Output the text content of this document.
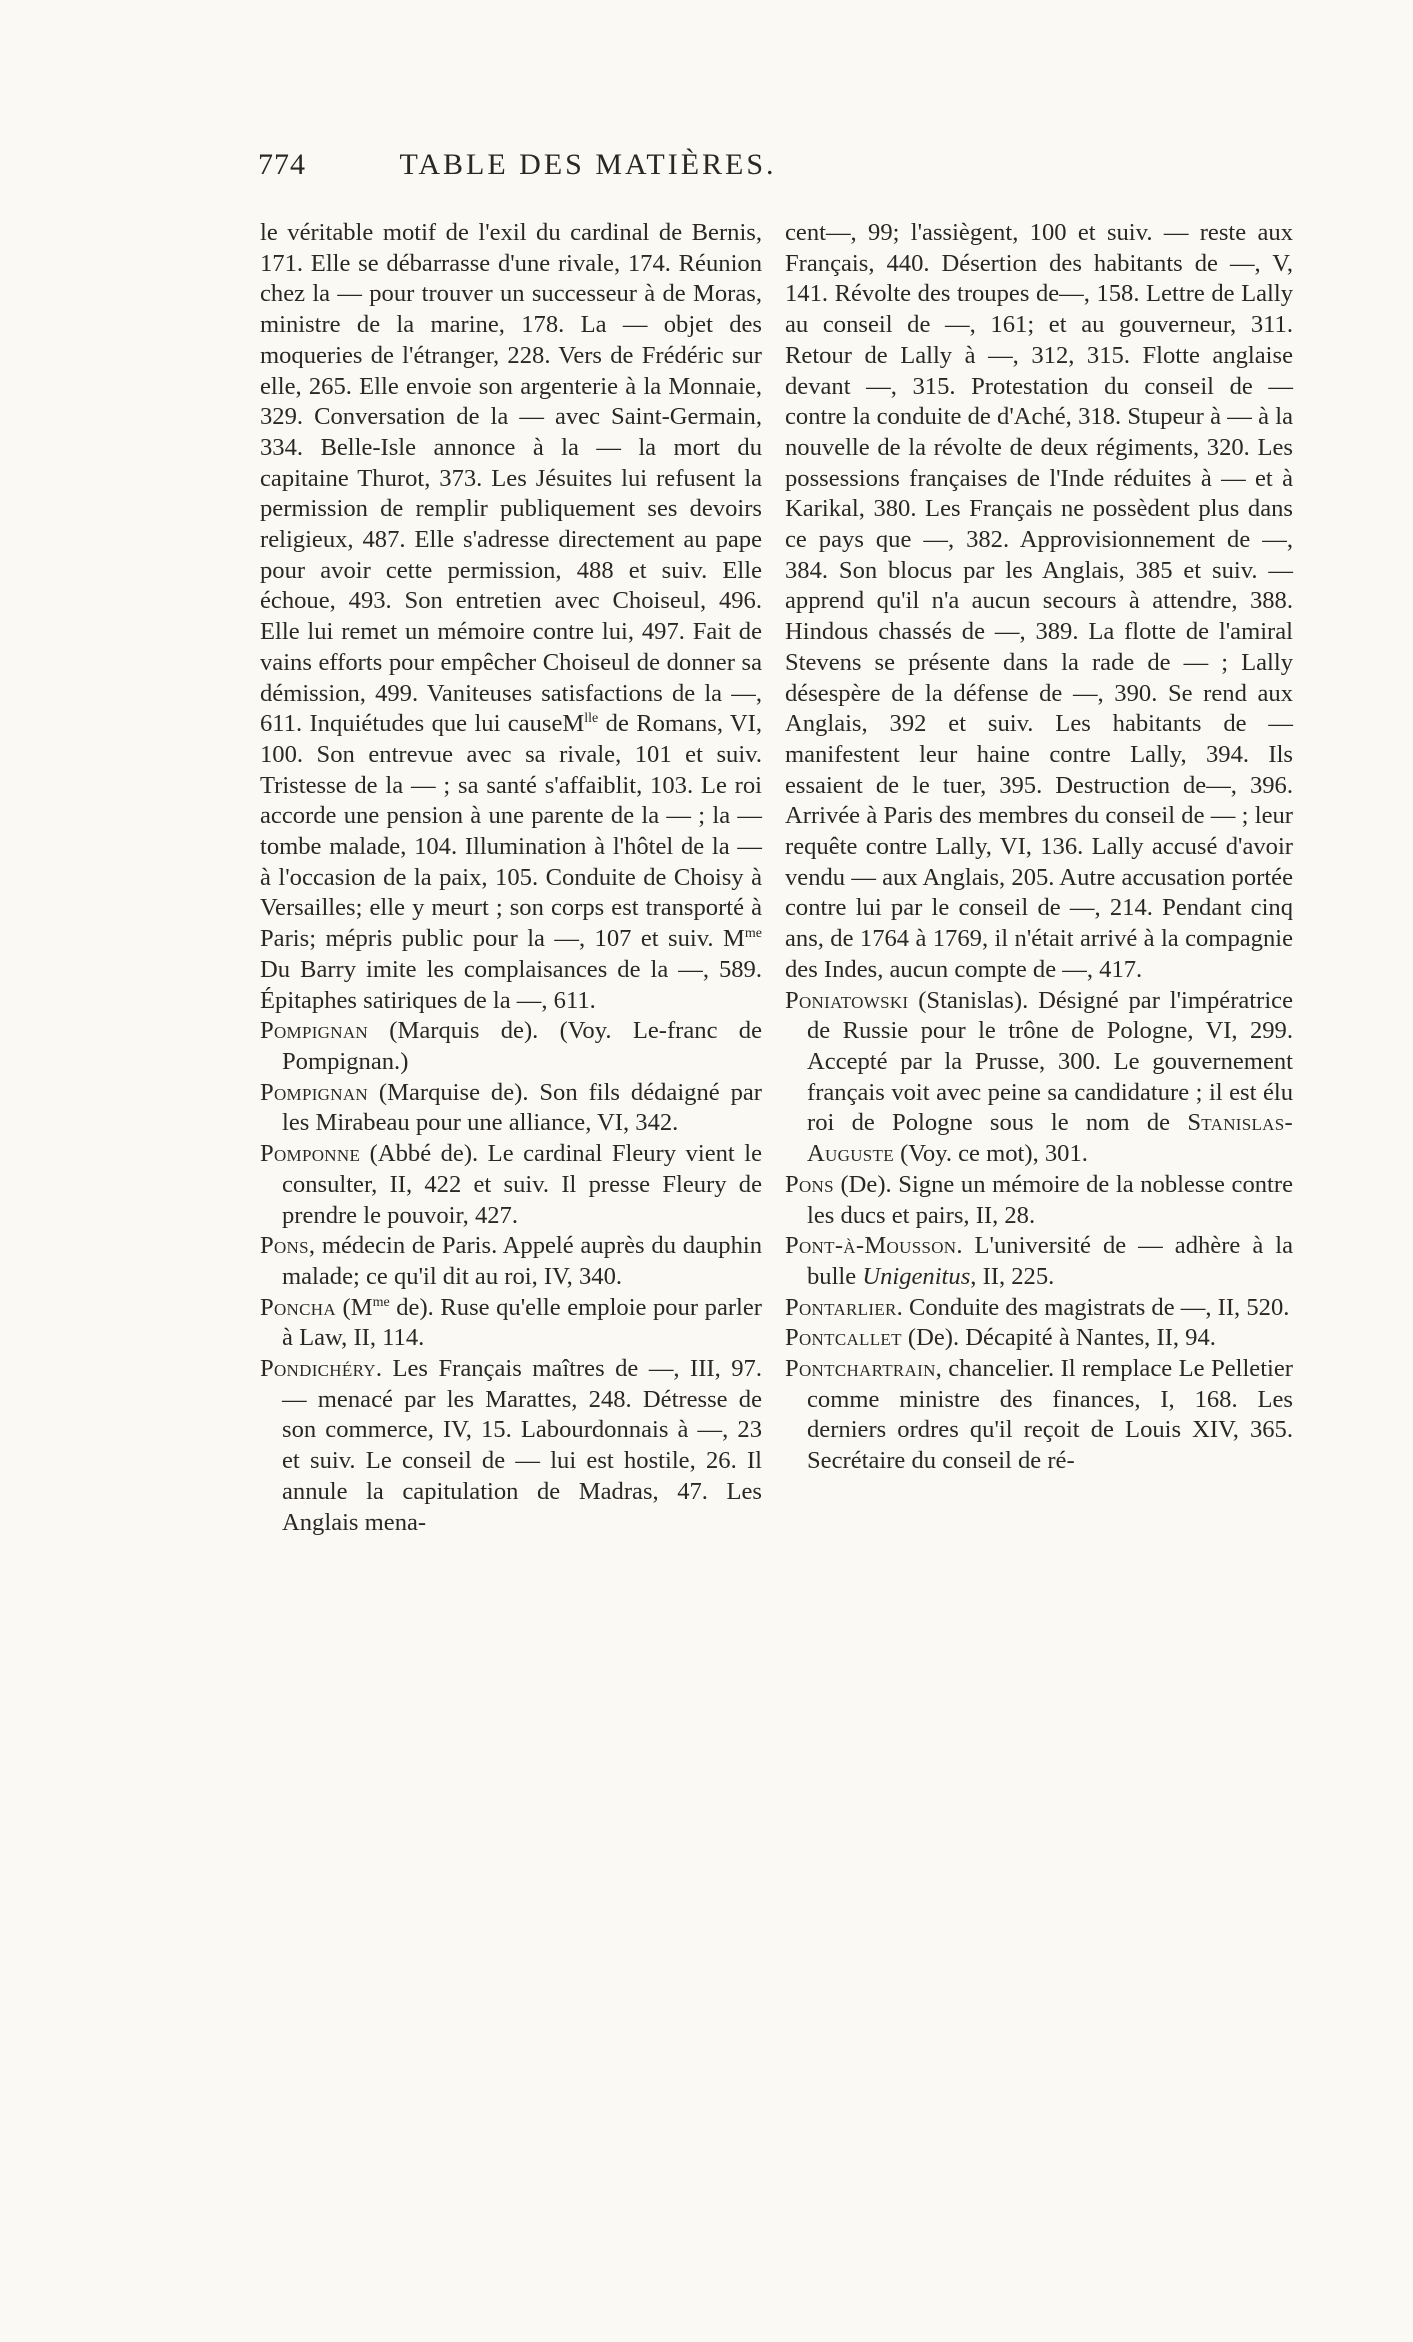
774	TABLE DES MATIÈRES.

le véritable motif de l'exil du cardinal de Bernis, 171. Elle se débarrasse d'une rivale, 174. Réunion chez la — pour trouver un successeur à de Moras, ministre de la marine, 178. La — objet des moqueries de l'étranger, 228. Vers de Frédéric sur elle, 265. Elle envoie son argenterie à la Monnaie, 329. Conversation de la — avec Saint-Germain, 334. Belle-Isle annonce à la — la mort du capitaine Thurot, 373. Les Jésuites lui refusent la permission de remplir publiquement ses devoirs religieux, 487. Elle s'adresse directement au pape pour avoir cette permission, 488 et suiv. Elle échoue, 493. Son entretien avec Choiseul, 496. Elle lui remet un mémoire contre lui, 497. Fait de vains efforts pour empêcher Choiseul de donner sa démission, 499. Vaniteuses satisfactions de la —, 611. Inquiétudes que lui causeM$^{lle}$ de Romans, VI, 100. Son entrevue avec sa rivale, 101 et suiv. Tristesse de la — ; sa santé s'affaiblit, 103. Le roi accorde une pension à une parente de la — ; la — tombe malade, 104. Illumination à l'hôtel de la — à l'occasion de la paix, 105. Conduite de Choisy à Versailles; elle y meurt ; son corps est transporté à Paris; mépris public pour la —, 107 et suiv. $M^{me}$ Du Barry imite les complaisances de la —, 589. Épitaphes satiriques de la —, 611.

Pompignan (Marquis de). (Voy. Le-franc de Pompignan.)

Pompignan (Marquise de). Son fils dédaigné par les Mirabeau pour une alliance, VI, 342.

Pomponne (Abbé de). Le cardinal Fleury vient le consulter, II, 422 et suiv. Il presse Fleury de prendre le pouvoir, 427.

Pons, médecin de Paris. Appelé auprès du dauphin malade; ce qu'il dit au roi, IV, 340.

Poncha ($M^{me}$ de). Ruse qu'elle emploie pour parler à Law, II, 114.

Pondichéry. Les Français maîtres de —, III, 97. — menacé par les Marattes, 248. Détresse de son commerce, IV, 15. Labourdonnais à —, 23 et suiv. Le conseil de — lui est hostile, 26. Il annule la capitulation de Madras, 47. Les Anglais mena-

cent—, 99; l'assiègent, 100 et suiv. — reste aux Français, 440. Désertion des habitants de —, V, 141. Révolte des troupes de—, 158. Lettre de Lally au conseil de —, 161; et au gouverneur, 311. Retour de Lally à —, 312, 315. Flotte anglaise devant —, 315. Protestation du conseil de — contre la conduite de d'Aché, 318. Stupeur à — à la nouvelle de la révolte de deux régiments, 320. Les possessions françaises de l'Inde réduites à — et à Karikal, 380. Les Français ne possèdent plus dans ce pays que —, 382. Approvisionnement de —, 384. Son blocus par les Anglais, 385 et suiv. — apprend qu'il n'a aucun secours à attendre, 388. Hindous chassés de —, 389. La flotte de l'amiral Stevens se présente dans la rade de — ; Lally désespère de la défense de —, 390. Se rend aux Anglais, 392 et suiv. Les habitants de — manifestent leur haine contre Lally, 394. Ils essaient de le tuer, 395. Destruction de—, 396. Arrivée à Paris des membres du conseil de — ; leur requête contre Lally, VI, 136. Lally accusé d'avoir vendu — aux Anglais, 205. Autre accusation portée contre lui par le conseil de —, 214. Pendant cinq ans, de 1764 à 1769, il n'était arrivé à la compagnie des Indes, aucun compte de —, 417.

Poniatowski (Stanislas). Désigné par l'impératrice de Russie pour le trône de Pologne, VI, 299. Accepté par la Prusse, 300. Le gouvernement français voit avec peine sa candidature ; il est élu roi de Pologne sous le nom de Stanislas-Auguste (Voy. ce mot), 301.

Pons (De). Signe un mémoire de la noblesse contre les ducs et pairs, II, 28.

Pont-à-Mousson. L'université de — adhère à la bulle Unigenitus, II, 225.

Pontarlier. Conduite des magistrats de —, II, 520.

Pontcallet (De). Décapité à Nantes, II, 94.

Pontchartrain, chancelier. Il remplace Le Pelletier comme ministre des finances, I, 168. Les derniers ordres qu'il reçoit de Louis XIV, 365. Secrétaire du conseil de ré-
